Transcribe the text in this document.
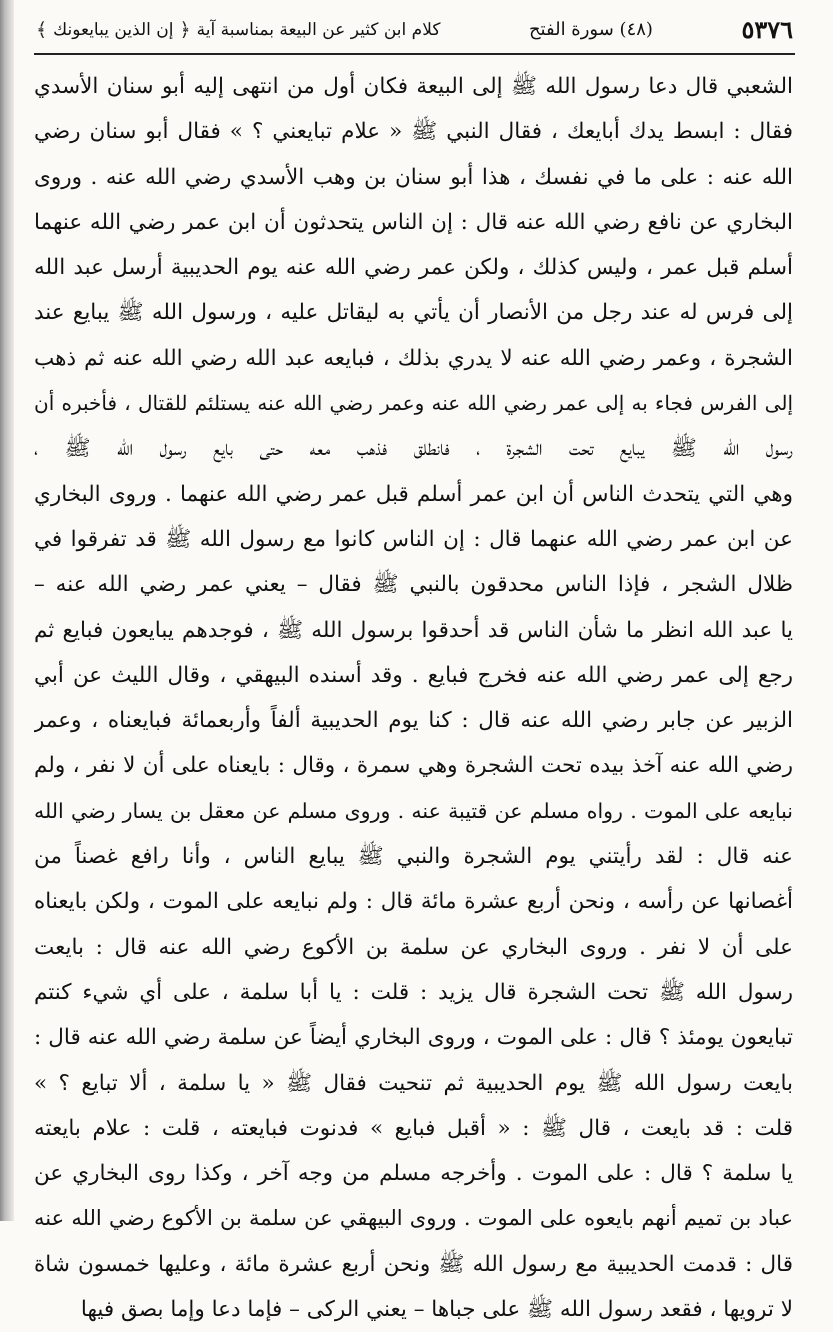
٥٣٧٦
(٤٨) سورة الفتح
كلام ابن كثير عن البيعة بمناسبة آية
﴿
إن الذين يبايعونك
﴾
الشعبي قال دعا رسول الله ﷺ إلى البيعة فكان أول من انتهى إليه أبو سنان الأسدي
فقال : ابسط يدك أبايعك ، فقال النبي ﷺ « علام تبايعني ؟ » فقال أبو سنان رضي
الله عنه : على ما في نفسك ، هذا أبو سنان بن وهب الأسدي رضي الله عنه . وروى
البخاري عن نافع رضي الله عنه قال : إن الناس يتحدثون أن ابن عمر رضي الله عنهما
أسلم قبل عمر ، وليس كذلك ، ولكن عمر رضي الله عنه يوم الحديبية أرسل عبد الله
إلى فرس له عند رجل من الأنصار أن يأتي به ليقاتل عليه ، ورسول الله ﷺ يبايع عند
الشجرة ، وعمر رضي الله عنه لا يدري بذلك ، فبايعه عبد الله رضي الله عنه ثم ذهب
إلى الفرس فجاء به إلى عمر رضي الله عنه وعمر رضي الله عنه يستلئم للقتال ، فأخبره أن
رسول الله ﷺ يبايع تحت الشجرة ، فانطلق فذهب معه حتى بايع رسول الله ﷺ ،
وهي التي يتحدث الناس أن ابن عمر أسلم قبل عمر رضي الله عنهما . وروى البخاري
عن ابن عمر رضي الله عنهما قال : إن الناس كانوا مع رسول الله ﷺ قد تفرقوا في
ظلال الشجر ، فإذا الناس محدقون بالنبي ﷺ فقال – يعني عمر رضي الله عنه –
يا عبد الله انظر ما شأن الناس قد أحدقوا برسول الله ﷺ ، فوجدهم يبايعون فبايع ثم
رجع إلى عمر رضي الله عنه فخرج فبايع . وقد أسنده البيهقي ، وقال الليث عن أبي
الزبير عن جابر رضي الله عنه قال : كنا يوم الحديبية ألفاً وأربعمائة فبايعناه ، وعمر
رضي الله عنه آخذ بيده تحت الشجرة وهي سمرة ، وقال : بايعناه على أن لا نفر ، ولم
نبايعه على الموت . رواه مسلم عن قتيبة عنه . وروى مسلم عن معقل بن يسار رضي الله
عنه قال : لقد رأيتني يوم الشجرة والنبي ﷺ يبايع الناس ، وأنا رافع غصناً من
أغصانها عن رأسه ، ونحن أربع عشرة مائة قال : ولم نبايعه على الموت ، ولكن بايعناه
على أن لا نفر . وروى البخاري عن سلمة بن الأكوع رضي الله عنه قال : بايعت
رسول الله ﷺ تحت الشجرة قال يزيد : قلت : يا أبا سلمة ، على أي شيء كنتم
تبايعون يومئذ ؟ قال : على الموت ، وروى البخاري أيضاً عن سلمة رضي الله عنه قال :
بايعت رسول الله ﷺ يوم الحديبية ثم تنحيت فقال ﷺ « يا سلمة ، ألا تبايع ؟ »
قلت : قد بايعت ، قال ﷺ : « أقبل فبايع » فدنوت فبايعته ، قلت : علام بايعته
يا سلمة ؟ قال : على الموت . وأخرجه مسلم من وجه آخر ، وكذا روى البخاري عن
عباد بن تميم أنهم بايعوه على الموت . وروى البيهقي عن سلمة بن الأكوع رضي الله عنه
قال : قدمت الحديبية مع رسول الله ﷺ ونحن أربع عشرة مائة ، وعليها خمسون شاة
لا ترويها ، فقعد رسول الله ﷺ على جباها – يعني الركى – فإما دعا وإما بصق فيها
